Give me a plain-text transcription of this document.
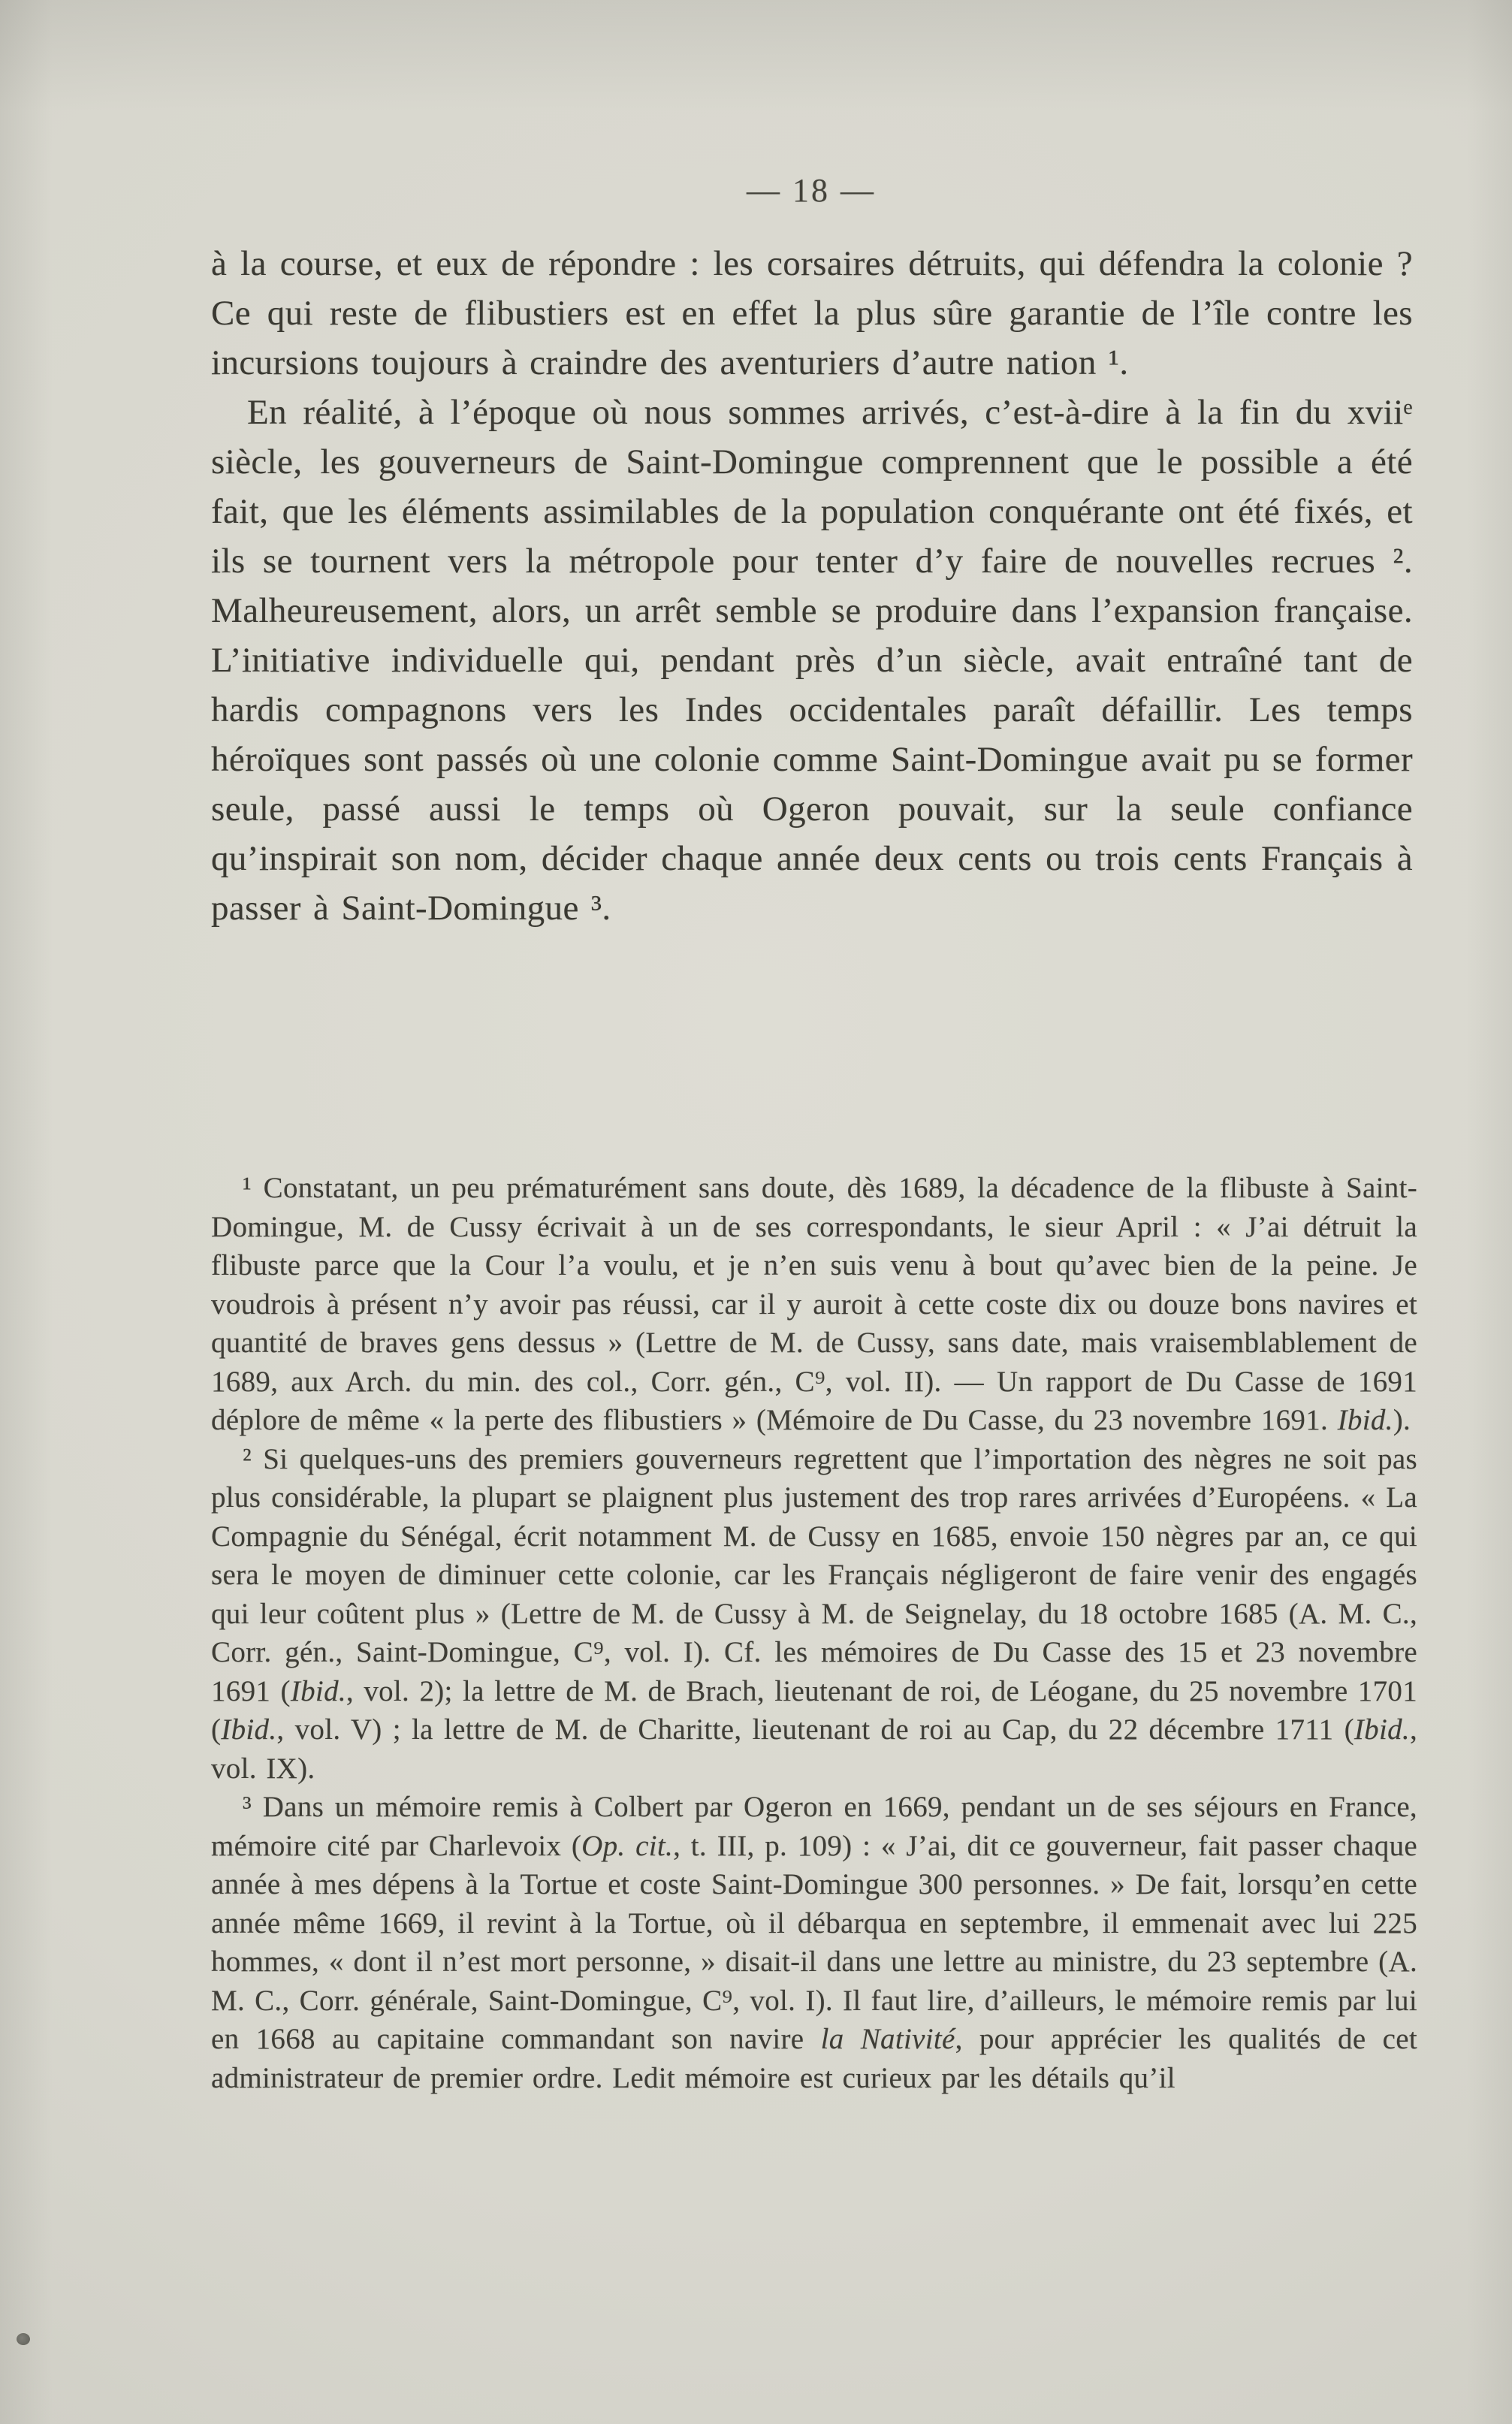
— 18 —

à la course, et eux de répondre : les corsaires détruits, qui défendra la colonie ? Ce qui reste de flibustiers est en effet la plus sûre garantie de l’île contre les incursions toujours à craindre des aventuriers d’autre nation ¹.

En réalité, à l’époque où nous sommes arrivés, c’est-à-dire à la fin du xviiᵉ siècle, les gouverneurs de Saint-Domingue comprennent que le possible a été fait, que les éléments assimilables de la population conquérante ont été fixés, et ils se tournent vers la métropole pour tenter d’y faire de nouvelles recrues ². Malheureusement, alors, un arrêt semble se produire dans l’expansion française. L’initiative individuelle qui, pendant près d’un siècle, avait entraîné tant de hardis compagnons vers les Indes occidentales paraît défaillir. Les temps héroïques sont passés où une colonie comme Saint-Domingue avait pu se former seule, passé aussi le temps où Ogeron pouvait, sur la seule confiance qu’inspirait son nom, décider chaque année deux cents ou trois cents Français à passer à Saint-Domingue ³.

¹ Constatant, un peu prématurément sans doute, dès 1689, la décadence de la flibuste à Saint-Domingue, M. de Cussy écrivait à un de ses correspondants, le sieur April : « J’ai détruit la flibuste parce que la Cour l’a voulu, et je n’en suis venu à bout qu’avec bien de la peine. Je voudrois à présent n’y avoir pas réussi, car il y auroit à cette coste dix ou douze bons navires et quantité de braves gens dessus » (Lettre de M. de Cussy, sans date, mais vraisemblablement de 1689, aux Arch. du min. des col., Corr. gén., C⁹, vol. II). — Un rapport de Du Casse de 1691 déplore de même « la perte des flibustiers » (Mémoire de Du Casse, du 23 novembre 1691. Ibid.).

² Si quelques-uns des premiers gouverneurs regrettent que l’importation des nègres ne soit pas plus considérable, la plupart se plaignent plus justement des trop rares arrivées d’Européens. « La Compagnie du Sénégal, écrit notamment M. de Cussy en 1685, envoie 150 nègres par an, ce qui sera le moyen de diminuer cette colonie, car les Français négligeront de faire venir des engagés qui leur coûtent plus » (Lettre de M. de Cussy à M. de Seignelay, du 18 octobre 1685 (A. M. C., Corr. gén., Saint-Domingue, C⁹, vol. I). Cf. les mémoires de Du Casse des 15 et 23 novembre 1691 (Ibid., vol. 2); la lettre de M. de Brach, lieutenant de roi, de Léogane, du 25 novembre 1701 (Ibid., vol. V) ; la lettre de M. de Charitte, lieutenant de roi au Cap, du 22 décembre 1711 (Ibid., vol. IX).

³ Dans un mémoire remis à Colbert par Ogeron en 1669, pendant un de ses séjours en France, mémoire cité par Charlevoix (Op. cit., t. III, p. 109) : « J’ai, dit ce gouverneur, fait passer chaque année à mes dépens à la Tortue et coste Saint-Domingue 300 personnes. » De fait, lorsqu’en cette année même 1669, il revint à la Tortue, où il débarqua en septembre, il emmenait avec lui 225 hommes, « dont il n’est mort personne, » disait-il dans une lettre au ministre, du 23 septembre (A. M. C., Corr. générale, Saint-Domingue, C⁹, vol. I). Il faut lire, d’ailleurs, le mémoire remis par lui en 1668 au capitaine commandant son navire la Nativité, pour apprécier les qualités de cet administrateur de premier ordre. Ledit mémoire est curieux par les détails qu’il
